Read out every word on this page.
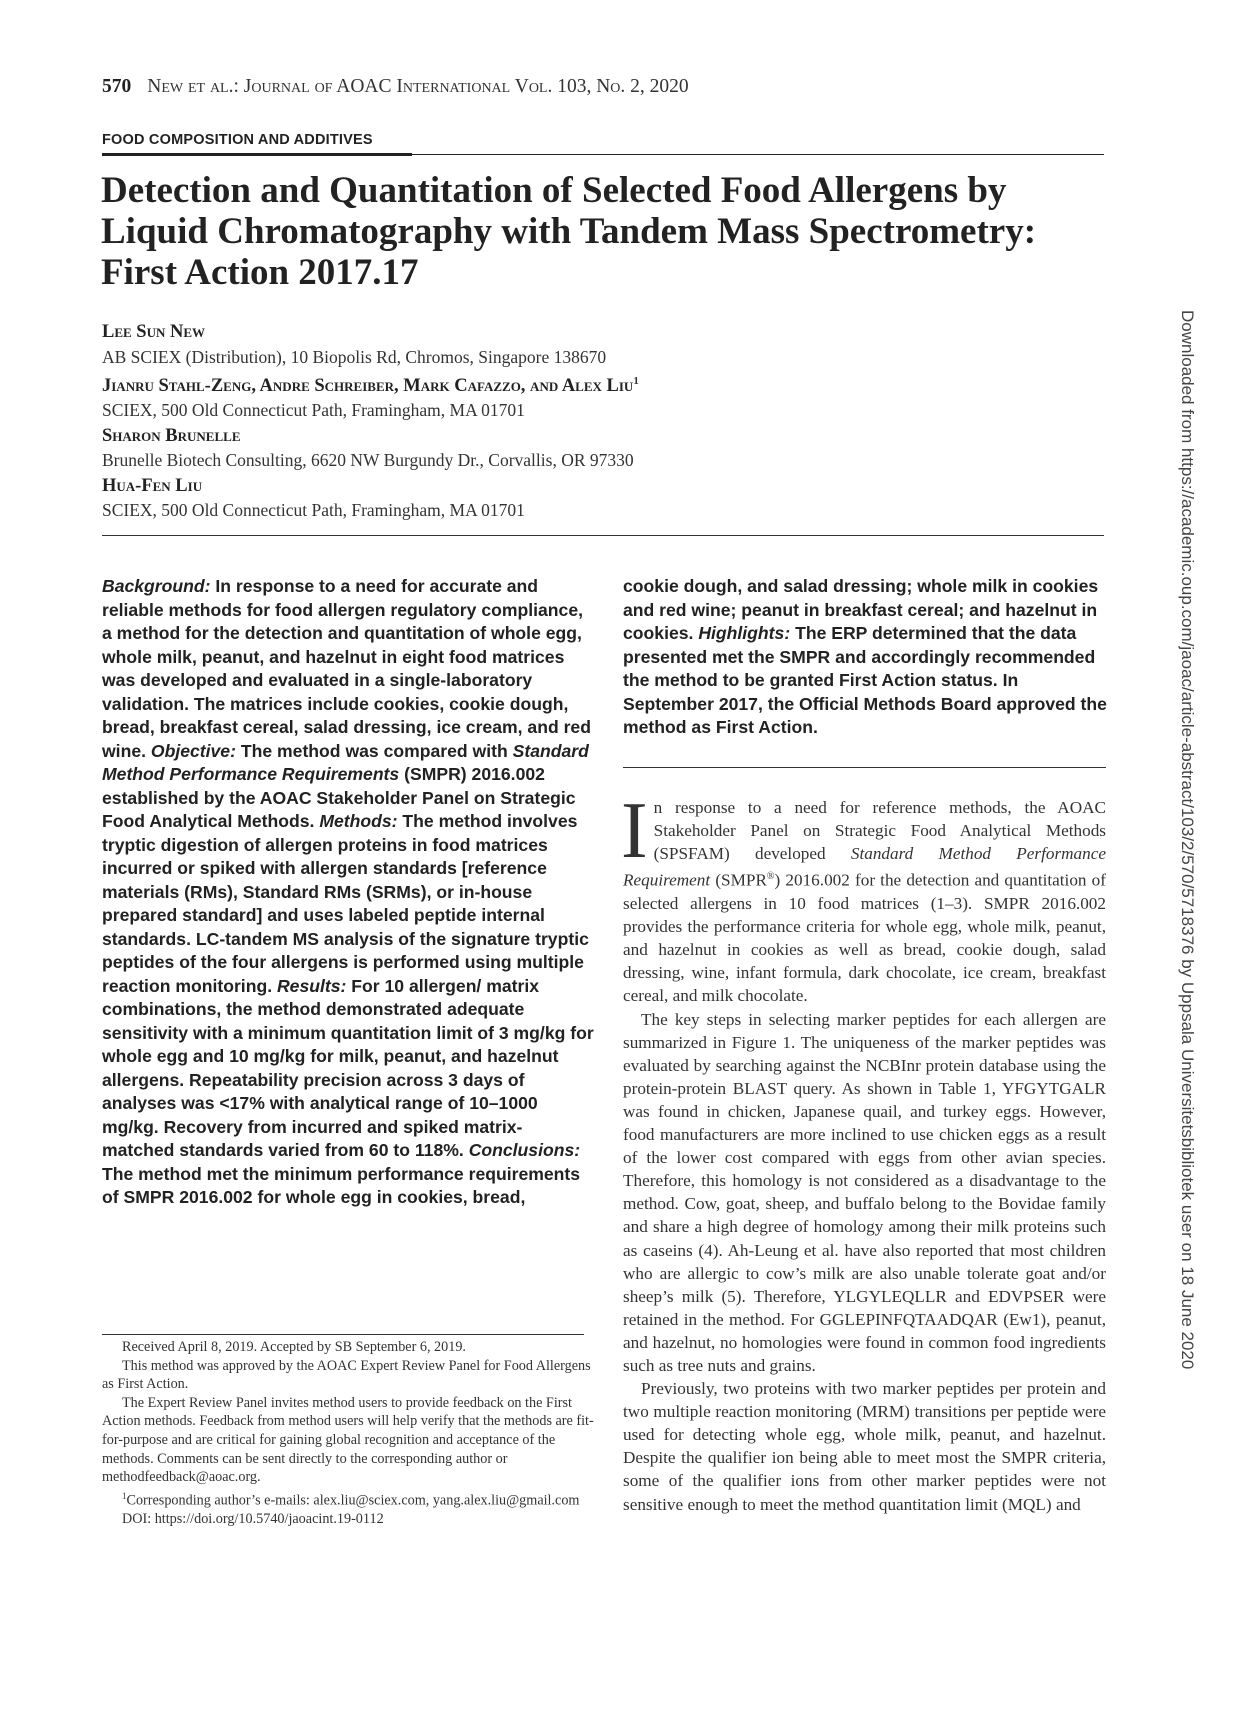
570 New et al.: Journal of AOAC International Vol. 103, No. 2, 2020
FOOD COMPOSITION AND ADDITIVES
Detection and Quantitation of Selected Food Allergens by Liquid Chromatography with Tandem Mass Spectrometry: First Action 2017.17
Lee Sun New
AB SCIEX (Distribution), 10 Biopolis Rd, Chromos, Singapore 138670
Jianru Stahl-Zeng, Andre Schreiber, Mark Cafazzo, and Alex Liu$^1$
SCIEX, 500 Old Connecticut Path, Framingham, MA 01701
Sharon Brunelle
Brunelle Biotech Consulting, 6620 NW Burgundy Dr., Corvallis, OR 97330
Hua-Fen Liu
SCIEX, 500 Old Connecticut Path, Framingham, MA 01701
Background: In response to a need for accurate and reliable methods for food allergen regulatory compliance, a method for the detection and quantitation of whole egg, whole milk, peanut, and hazelnut in eight food matrices was developed and evaluated in a single-laboratory validation. The matrices include cookies, cookie dough, bread, breakfast cereal, salad dressing, ice cream, and red wine. Objective: The method was compared with Standard Method Performance Requirements (SMPR) 2016.002 established by the AOAC Stakeholder Panel on Strategic Food Analytical Methods. Methods: The method involves tryptic digestion of allergen proteins in food matrices incurred or spiked with allergen standards [reference materials (RMs), Standard RMs (SRMs), or in-house prepared standard] and uses labeled peptide internal standards. LC-tandem MS analysis of the signature tryptic peptides of the four allergens is performed using multiple reaction monitoring. Results: For 10 allergen/ matrix combinations, the method demonstrated adequate sensitivity with a minimum quantitation limit of 3 mg/kg for whole egg and 10 mg/kg for milk, peanut, and hazelnut allergens. Repeatability precision across 3 days of analyses was <17% with analytical range of 10–1000 mg/kg. Recovery from incurred and spiked matrix-matched standards varied from 60 to 118%. Conclusions: The method met the minimum performance requirements of SMPR 2016.002 for whole egg in cookies, bread,
cookie dough, and salad dressing; whole milk in cookies and red wine; peanut in breakfast cereal; and hazelnut in cookies. Highlights: The ERP determined that the data presented met the SMPR and accordingly recommended the method to be granted First Action status. In September 2017, the Official Methods Board approved the method as First Action.

In response to a need for reference methods, the AOAC Stakeholder Panel on Strategic Food Analytical Methods (SPSFAM) developed Standard Method Performance Requirement (SMPR®) 2016.002 for the detection and quantitation of selected allergens in 10 food matrices (1–3). SMPR 2016.002 provides the performance criteria for whole egg, whole milk, peanut, and hazelnut in cookies as well as bread, cookie dough, salad dressing, wine, infant formula, dark chocolate, ice cream, breakfast cereal, and milk chocolate.

The key steps in selecting marker peptides for each allergen are summarized in Figure 1. The uniqueness of the marker peptides was evaluated by searching against the NCBInr protein database using the protein-protein BLAST query. As shown in Table 1, YFGYTGALR was found in chicken, Japanese quail, and turkey eggs. However, food manufacturers are more inclined to use chicken eggs as a result of the lower cost compared with eggs from other avian species. Therefore, this homology is not considered as a disadvantage to the method. Cow, goat, sheep, and buffalo belong to the Bovidae family and share a high degree of homology among their milk proteins such as caseins (4). Ah-Leung et al. have also reported that most children who are allergic to cow’s milk are also unable tolerate goat and/or sheep’s milk (5). Therefore, YLGYLEQLLR and EDVPSER were retained in the method. For GGLEPINFQTAADQAR (Ew1), peanut, and hazelnut, no homologies were found in common food ingredients such as tree nuts and grains.

Previously, two proteins with two marker peptides per protein and two multiple reaction monitoring (MRM) transitions per peptide were used for detecting whole egg, whole milk, peanut, and hazelnut. Despite the qualifier ion being able to meet most the SMPR criteria, some of the qualifier ions from other marker peptides were not sensitive enough to meet the method quantitation limit (MQL) and

Received April 8, 2019. Accepted by SB September 6, 2019.

This method was approved by the AOAC Expert Review Panel for Food Allergens as First Action.

The Expert Review Panel invites method users to provide feedback on the First Action methods. Feedback from method users will help verify that the methods are fit-for-purpose and are critical for gaining global recognition and acceptance of the methods. Comments can be sent directly to the corresponding author or methodfeedback@aoac.org.

$^1$Corresponding author’s e-mails: alex.liu@sciex.com, yang.alex.liu@gmail.com

DOI: https://doi.org/10.5740/jaoacint.19-0112

Downloaded from https://academic.oup.com/jaoac/article-abstract/103/2/570/5718376 by Uppsala Universitetsbibliotek user on 18 June 2020
